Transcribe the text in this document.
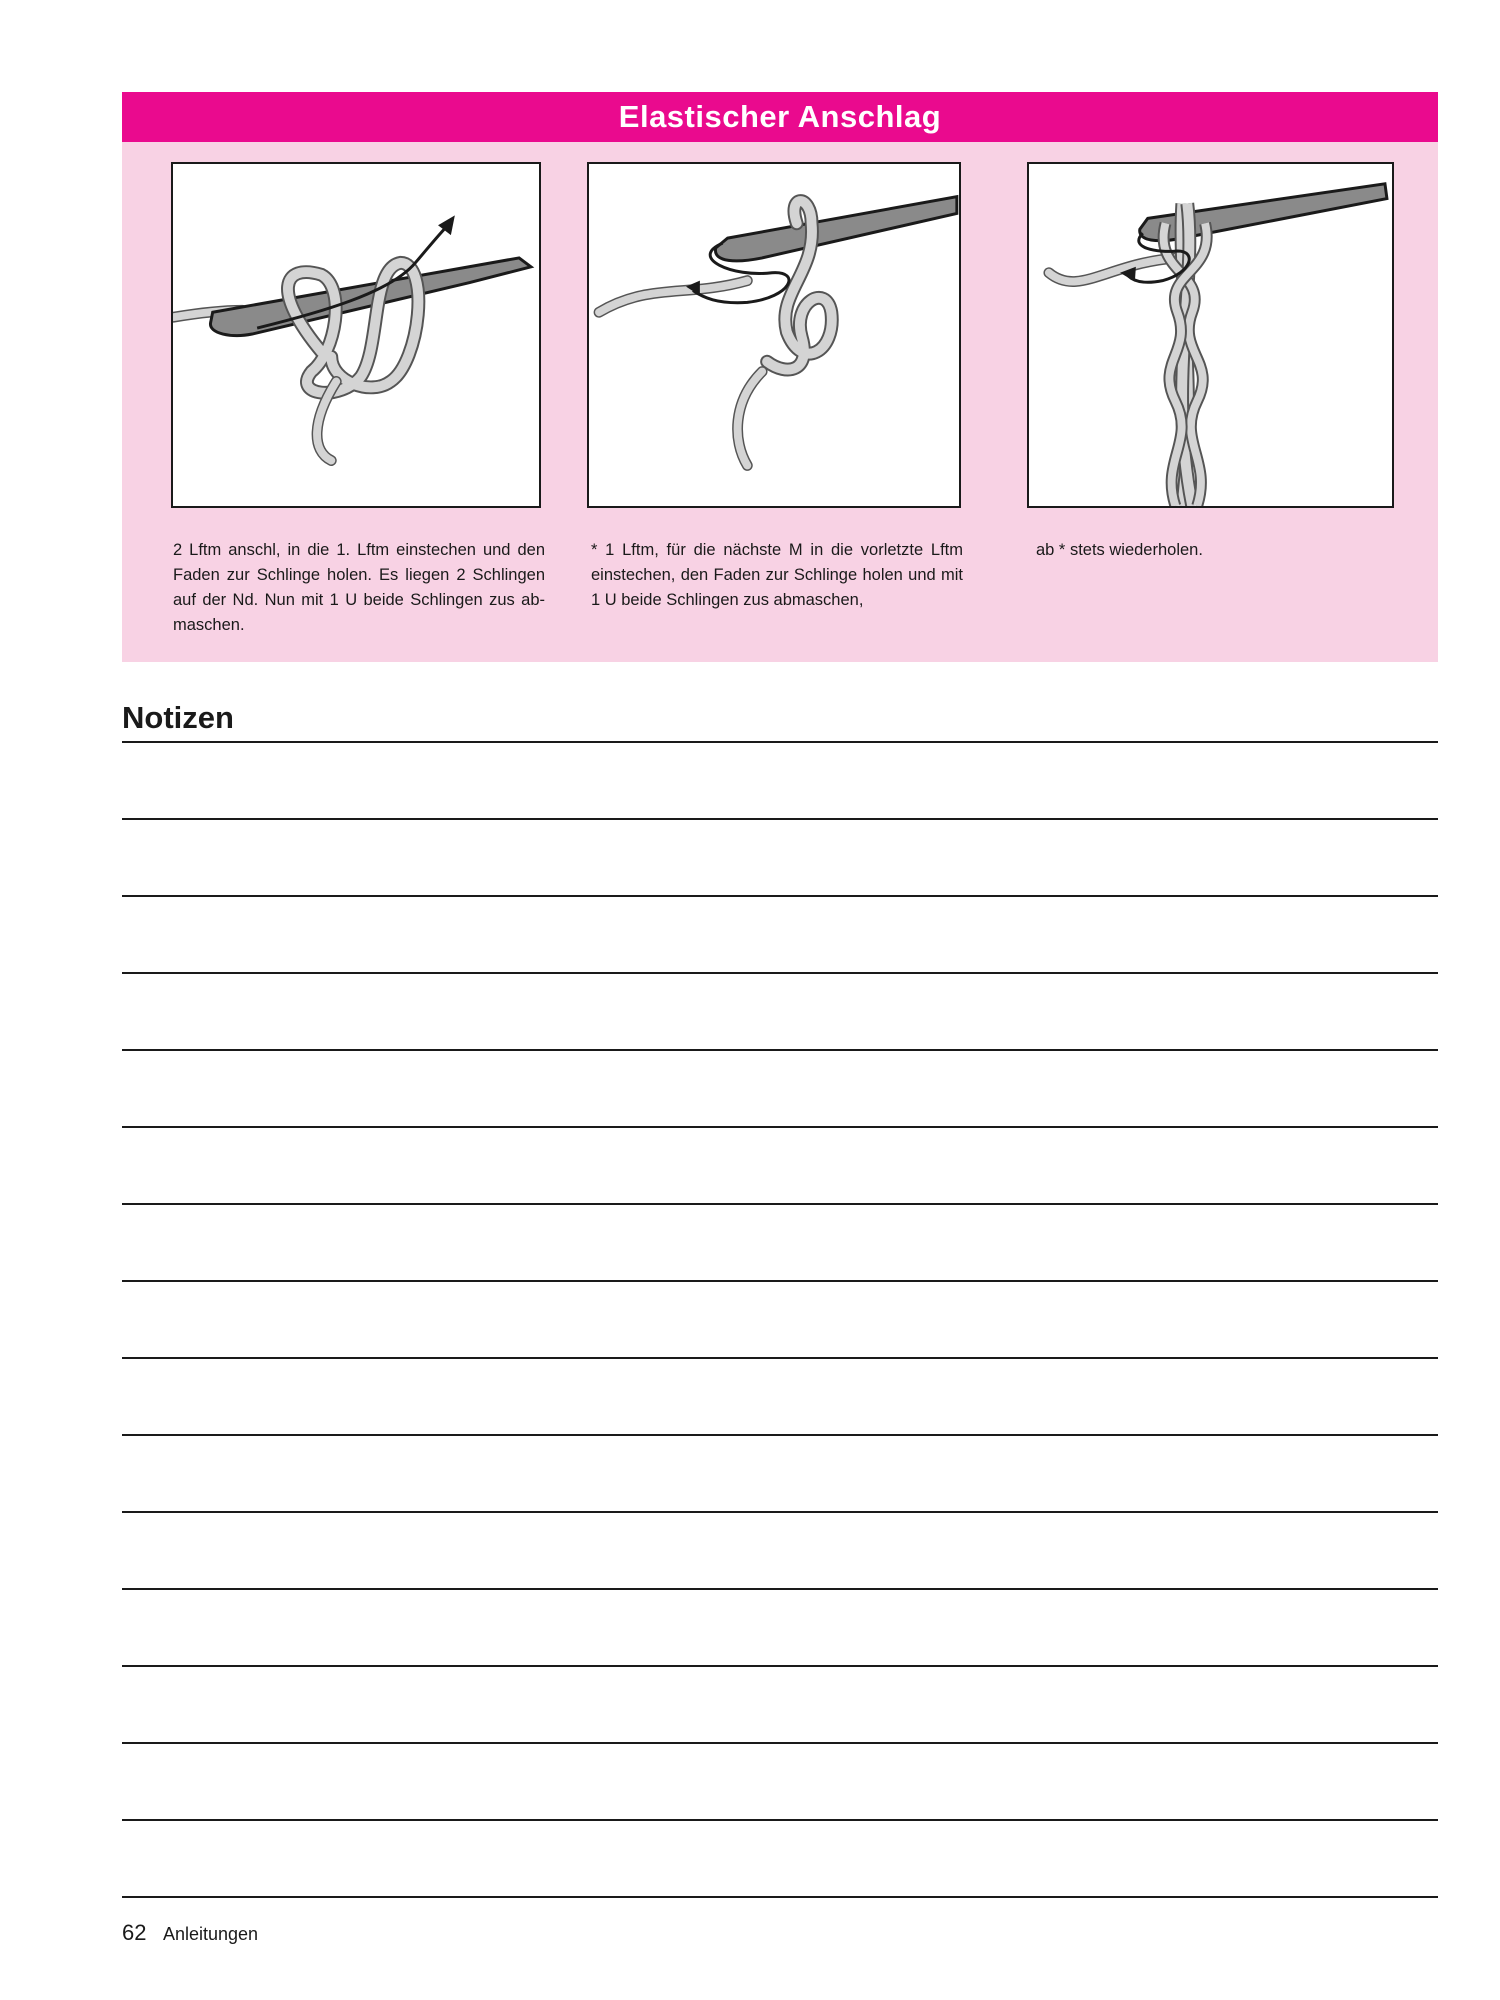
Elastischer Anschlag
2 Lftm anschl, in die 1. Lftm einstechen und den Faden zur Schlinge holen. Es liegen 2 Schlingen auf der Nd. Nun mit 1 U beide Schlingen zus ab-maschen.
* 1 Lftm, für die nächste M in die vorletzte Lftm einstechen, den Faden zur Schlinge holen und mit 1 U beide Schlingen zus abmaschen,
ab * stets wiederholen.
Notizen
62 Anleitungen
